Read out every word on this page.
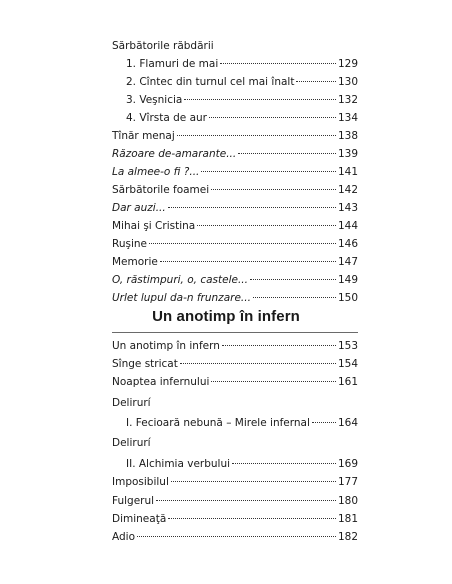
Sărbătorile răbdării
1. Flamuri de mai	129
2. Cîntec din turnul cel mai înalt	130
3. Veşnicia	132
4. Vîrsta de aur	134
Tînăr menaj	138
Răzoare de-amarante...	139
La almee-o fi ?...	141
Sărbătorile foamei	142
Dar auzi...	143
Mihai şi Cristina	144
Ruşine	146
Memorie	147
O, răstimpuri, o, castele...	149
Urlet lupul da-n frunzare...	150
Un anotimp în infern
Un anotimp în infern	153
Sînge stricat	154
Noaptea infernului	161
Delirurí
I. Fecioară nebună – Mirele infernal	164
Delirurí
II. Alchimia verbului	169
Imposibilul	177
Fulgerul	180
Dimineaţă	181
Adio	182
